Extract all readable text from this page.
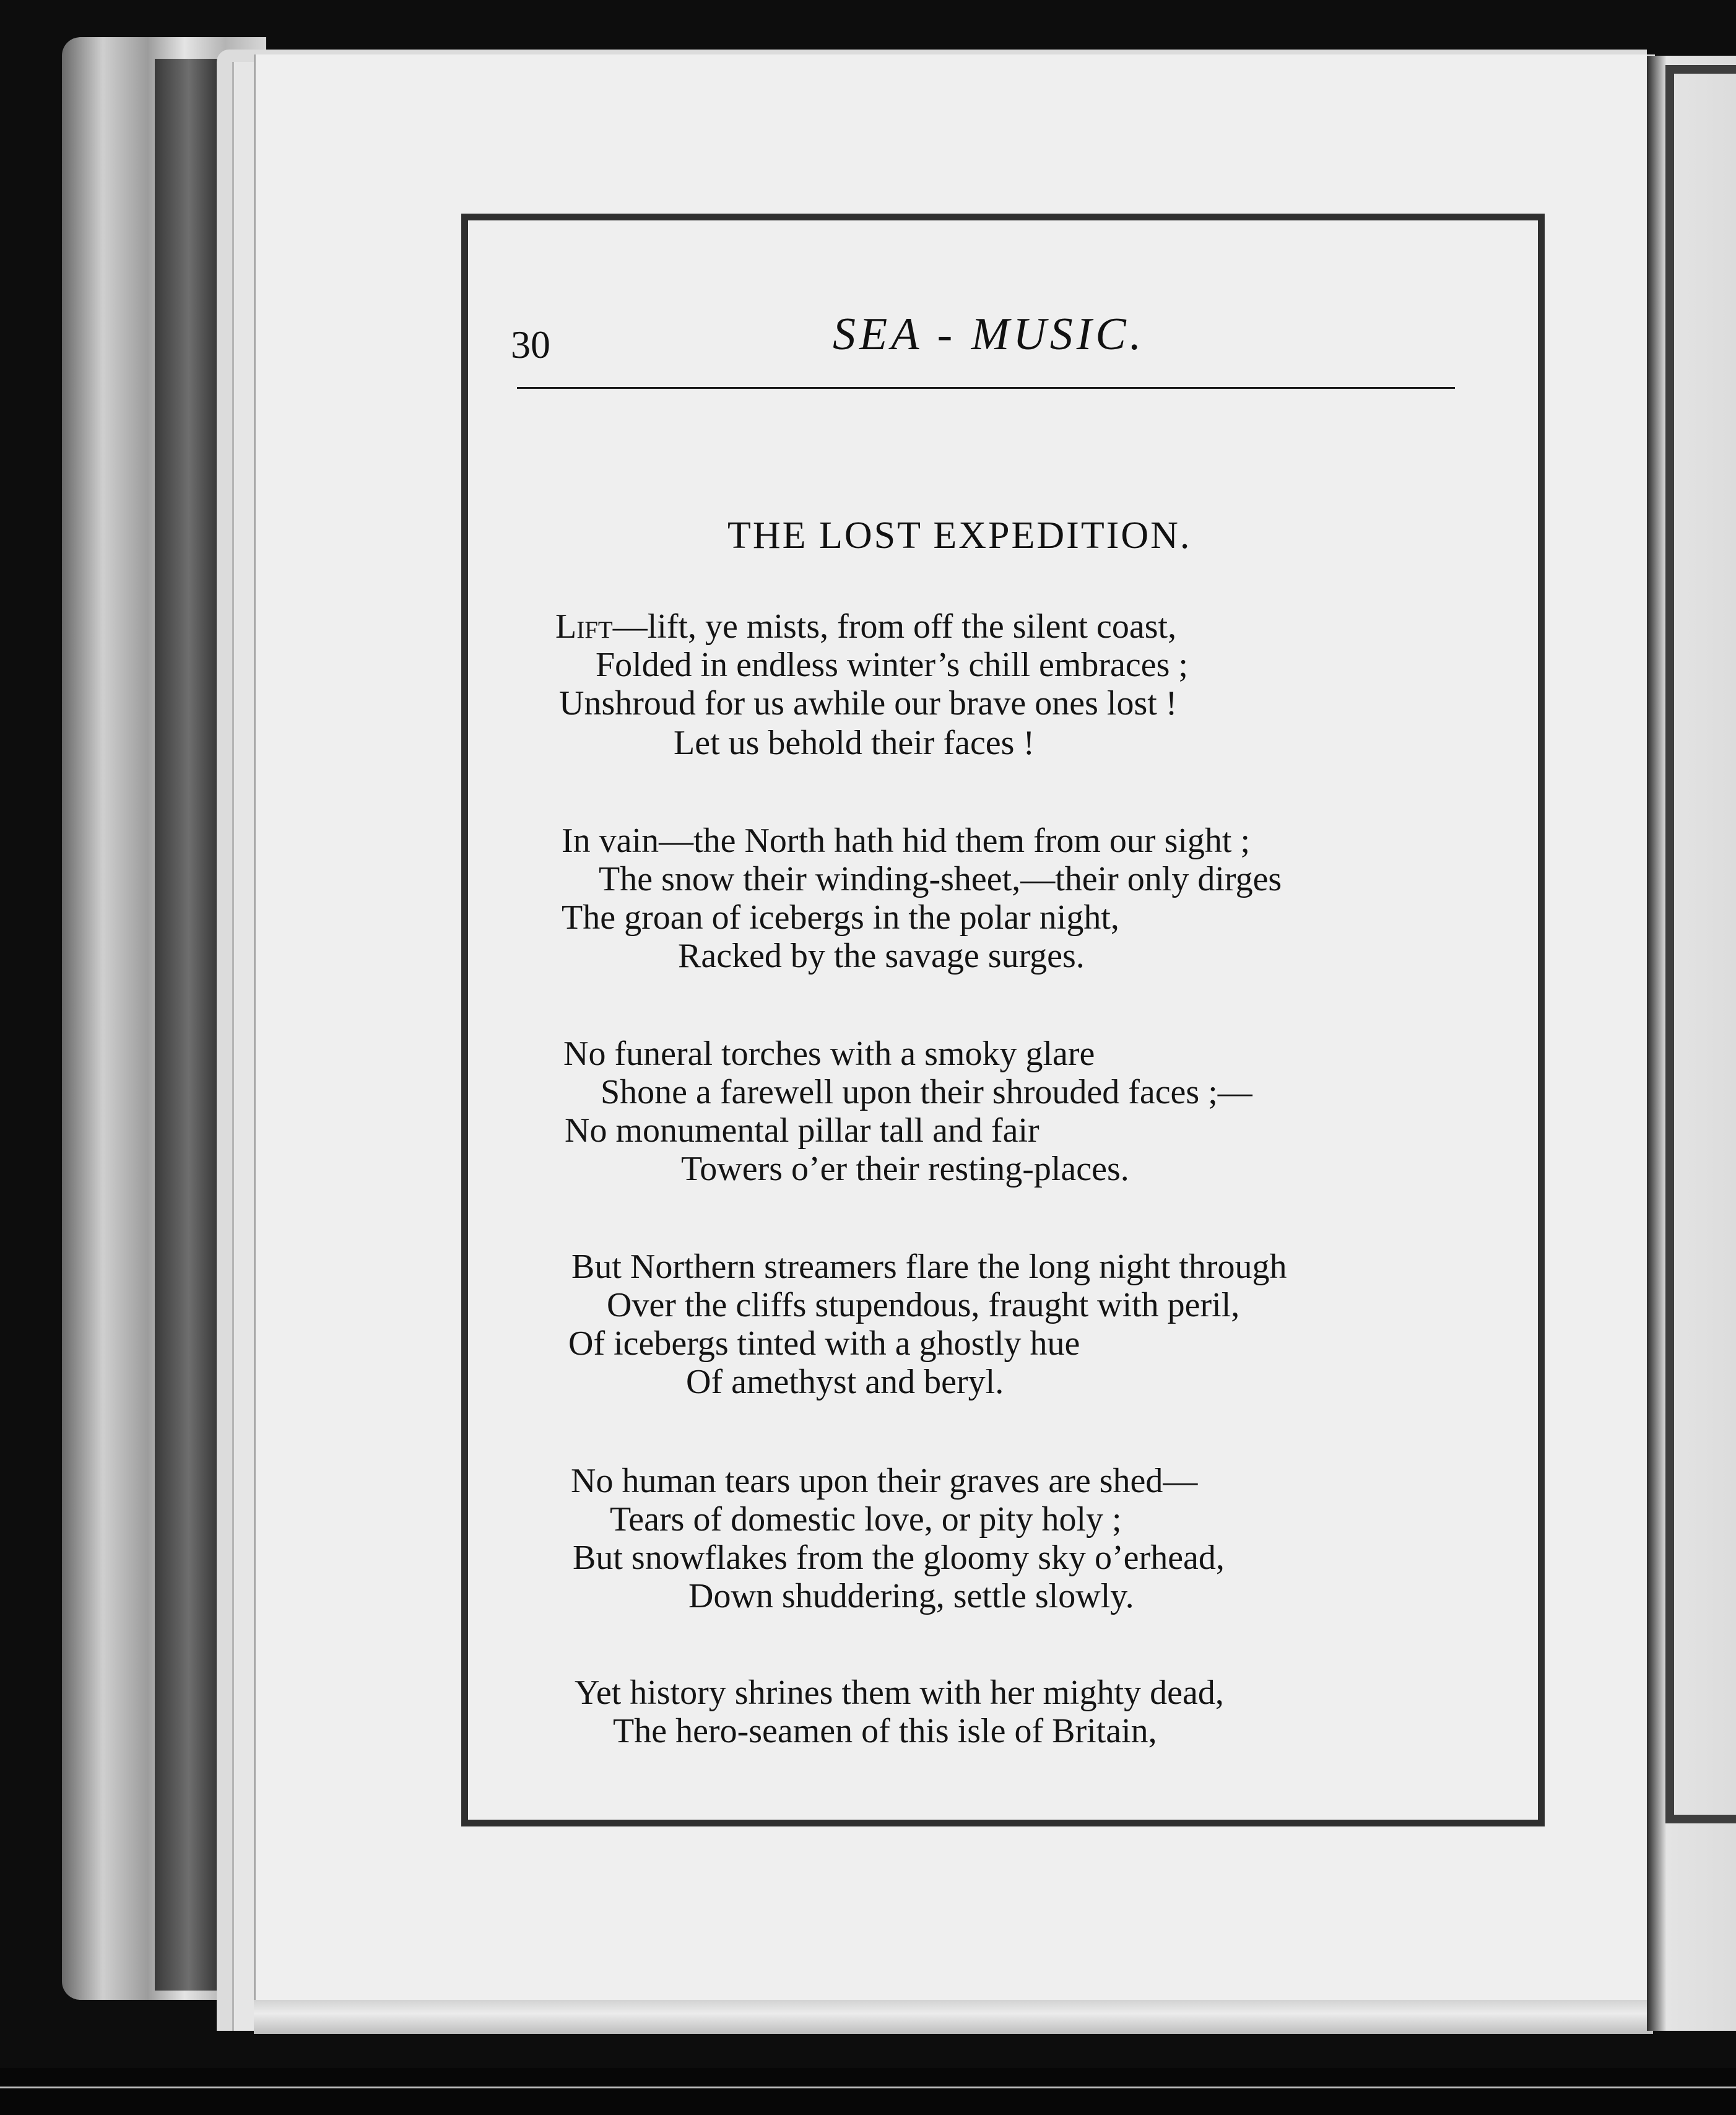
30	SEA - MUSIC.

THE LOST EXPEDITION.

Lift—lift, ye mists, from off the silent coast,

Folded in endless winter’s chill embraces ;

Unshroud for us awhile our brave ones lost !

Let us behold their faces !

In vain—the North hath hid them from our sight ;

The snow their winding-sheet,—their only dirges

The groan of icebergs in the polar night,

Racked by the savage surges.

No funeral torches with a smoky glare

Shone a farewell upon their shrouded faces ;—

No monumental pillar tall and fair

Towers o’er their resting-places.

But Northern streamers flare the long night through

Over the cliffs stupendous, fraught with peril,

Of icebergs tinted with a ghostly hue

Of amethyst and beryl.

No human tears upon their graves are shed—

Tears of domestic love, or pity holy ;

But snowflakes from the gloomy sky o’erhead,

Down shuddering, settle slowly.

Yet history shrines them with her mighty dead,

The hero-seamen of this isle of Britain,
